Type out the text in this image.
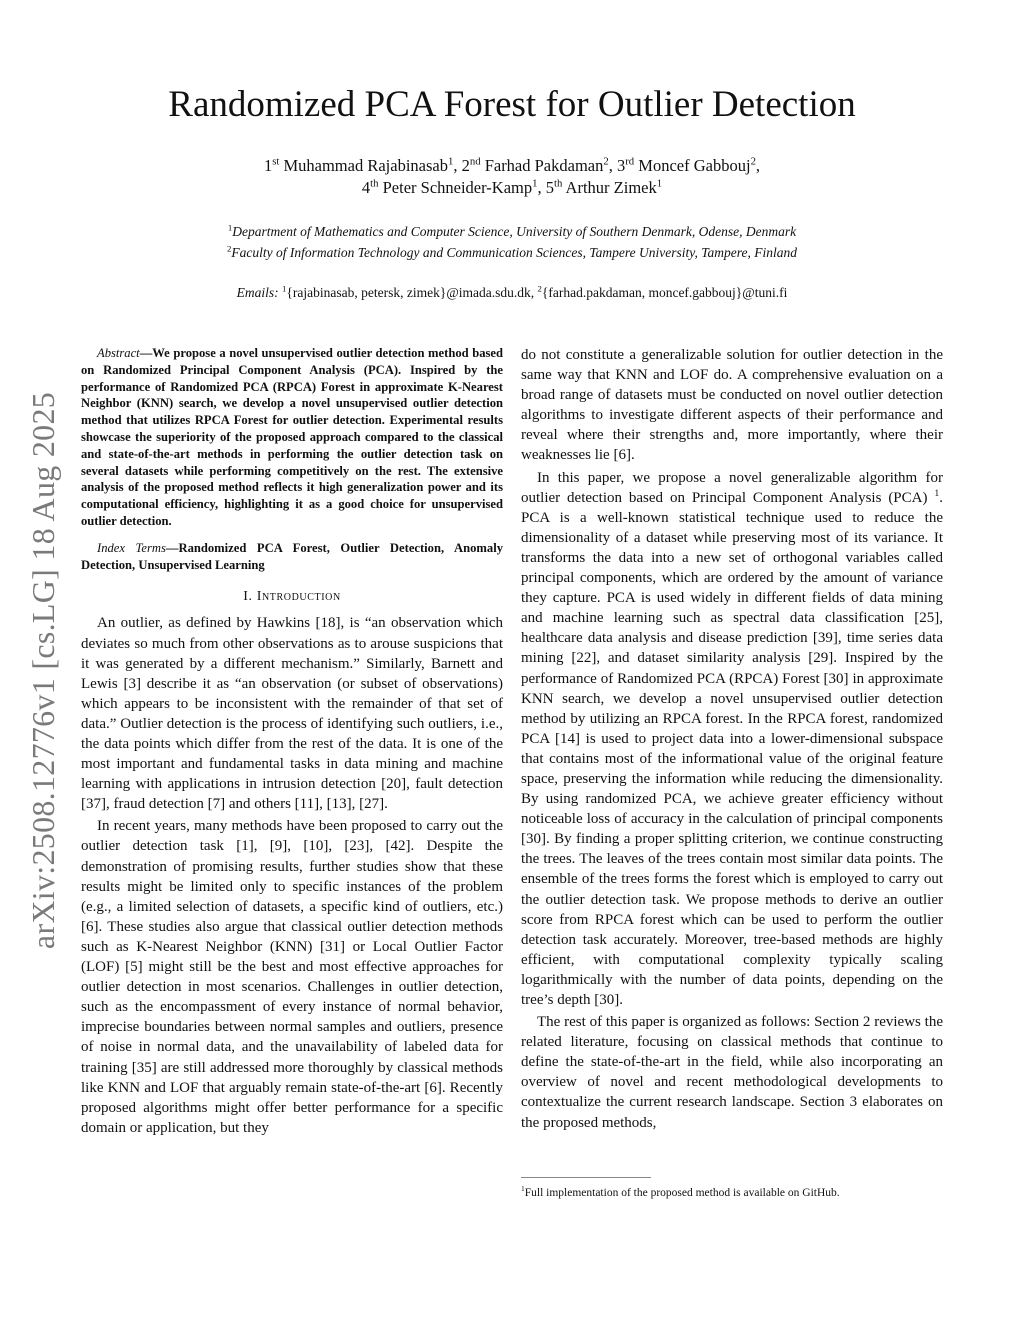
arXiv:2508.12776v1 [cs.LG] 18 Aug 2025
Randomized PCA Forest for Outlier Detection
1st Muhammad Rajabinasab$^1$, 2nd Farhad Pakdaman$^2$, 3rd Moncef Gabbouj$^2$,
4th Peter Schneider-Kamp$^1$, 5th Arthur Zimek$^1$
$^1$Department of Mathematics and Computer Science, University of Southern Denmark, Odense, Denmark
$^2$Faculty of Information Technology and Communication Sciences, Tampere University, Tampere, Finland
Emails: $^1${rajabinasab, petersk, zimek}@imada.sdu.dk, $^2${farhad.pakdaman, moncef.gabbouj}@tuni.fi

Abstract—We propose a novel unsupervised outlier detection method based on Randomized Principal Component Analysis (PCA). Inspired by the performance of Randomized PCA (RPCA) Forest in approximate K-Nearest Neighbor (KNN) search, we develop a novel unsupervised outlier detection method that utilizes RPCA Forest for outlier detection. Experimental results showcase the superiority of the proposed approach compared to the classical and state-of-the-art methods in performing the outlier detection task on several datasets while performing competitively on the rest. The extensive analysis of the proposed method reflects it high generalization power and its computational efficiency, highlighting it as a good choice for unsupervised outlier detection.

Index Terms—Randomized PCA Forest, Outlier Detection, Anomaly Detection, Unsupervised Learning

I. Introduction

An outlier, as defined by Hawkins [18], is “an observation which deviates so much from other observations as to arouse suspicions that it was generated by a different mechanism.” Similarly, Barnett and Lewis [3] describe it as “an observation (or subset of observations) which appears to be inconsistent with the remainder of that set of data.” Outlier detection is the process of identifying such outliers, i.e., the data points which differ from the rest of the data. It is one of the most important and fundamental tasks in data mining and machine learning with applications in intrusion detection [20], fault detection [37], fraud detection [7] and others [11], [13], [27].

In recent years, many methods have been proposed to carry out the outlier detection task [1], [9], [10], [23], [42]. Despite the demonstration of promising results, further studies show that these results might be limited only to specific instances of the problem (e.g., a limited selection of datasets, a specific kind of outliers, etc.) [6]. These studies also argue that classical outlier detection methods such as K-Nearest Neighbor (KNN) [31] or Local Outlier Factor (LOF) [5] might still be the best and most effective approaches for outlier detection in most scenarios. Challenges in outlier detection, such as the encompassment of every instance of normal behavior, imprecise boundaries between normal samples and outliers, presence of noise in normal data, and the unavailability of labeled data for training [35] are still addressed more thoroughly by classical methods like KNN and LOF that arguably remain state-of-the-art [6]. Recently proposed algorithms might offer better performance for a specific domain or application, but they

do not constitute a generalizable solution for outlier detection in the same way that KNN and LOF do. A comprehensive evaluation on a broad range of datasets must be conducted on novel outlier detection algorithms to investigate different aspects of their performance and reveal where their strengths and, more importantly, where their weaknesses lie [6].

In this paper, we propose a novel generalizable algorithm for outlier detection based on Principal Component Analysis (PCA) $^1$. PCA is a well-known statistical technique used to reduce the dimensionality of a dataset while preserving most of its variance. It transforms the data into a new set of orthogonal variables called principal components, which are ordered by the amount of variance they capture. PCA is used widely in different fields of data mining and machine learning such as spectral data classification [25], healthcare data analysis and disease prediction [39], time series data mining [22], and dataset similarity analysis [29]. Inspired by the performance of Randomized PCA (RPCA) Forest [30] in approximate KNN search, we develop a novel unsupervised outlier detection method by utilizing an RPCA forest. In the RPCA forest, randomized PCA [14] is used to project data into a lower-dimensional subspace that contains most of the informational value of the original feature space, preserving the information while reducing the dimensionality. By using randomized PCA, we achieve greater efficiency without noticeable loss of accuracy in the calculation of principal components [30]. By finding a proper splitting criterion, we continue constructing the trees. The leaves of the trees contain most similar data points. The ensemble of the trees forms the forest which is employed to carry out the outlier detection task. We propose methods to derive an outlier score from RPCA forest which can be used to perform the outlier detection task accurately. Moreover, tree-based methods are highly efficient, with computational complexity typically scaling logarithmically with the number of data points, depending on the tree’s depth [30].

The rest of this paper is organized as follows: Section 2 reviews the related literature, focusing on classical methods that continue to define the state-of-the-art in the field, while also incorporating an overview of novel and recent methodological developments to contextualize the current research landscape. Section 3 elaborates on the proposed methods,

$^1$Full implementation of the proposed method is available on GitHub.
